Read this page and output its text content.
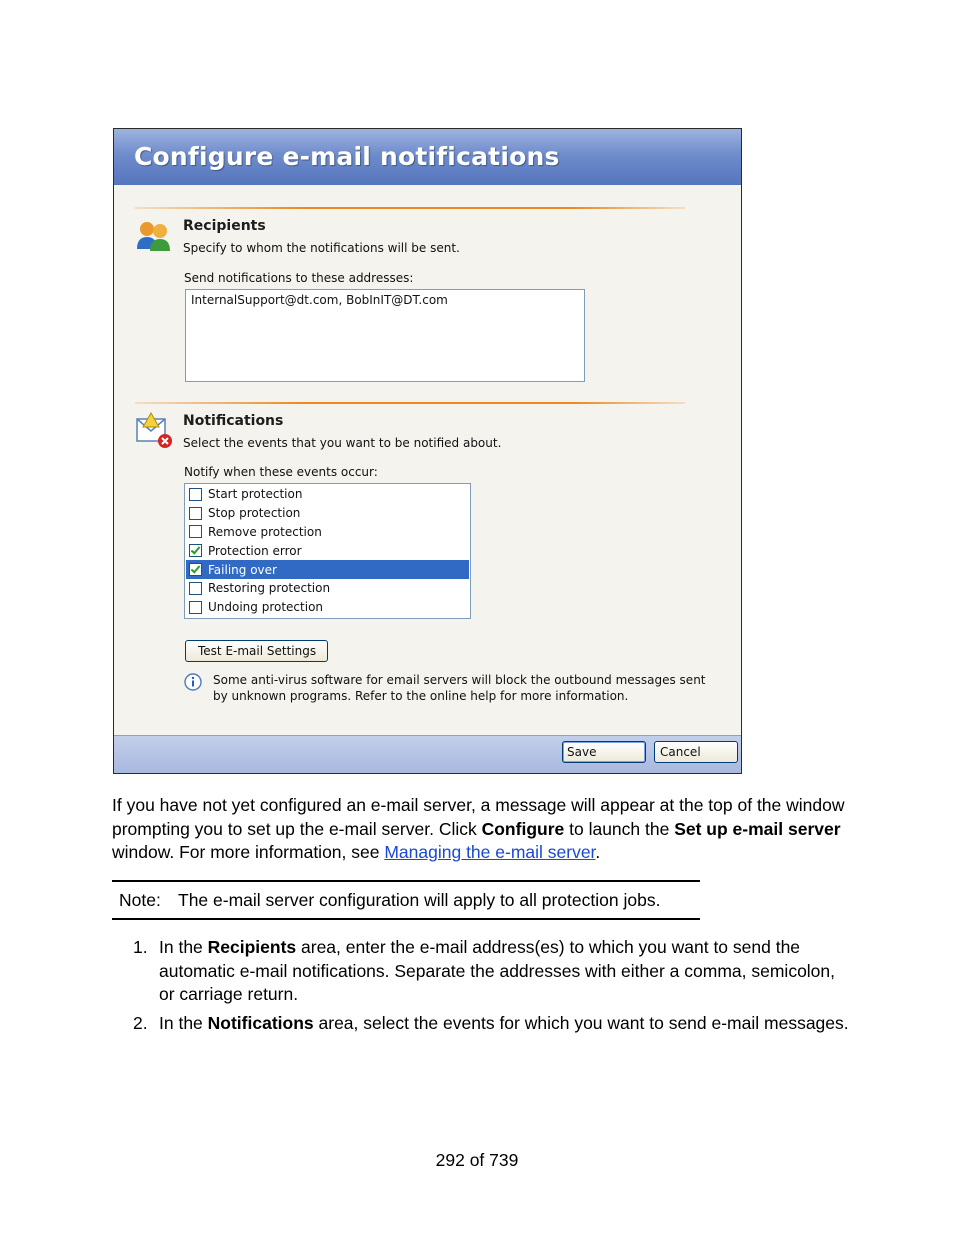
Configure e-mail notifications
Recipients
Specify to whom the notifications will be sent.
Send notifications to these addresses:
InternalSupport@dt.com, BobInIT@DT.com
Notifications
Select the events that you want to be notified about.
Notify when these events occur:
Start protection
Stop protection
Remove protection
Protection error
Failing over
Restoring protection
Undoing protection
Test E-mail Settings
Some anti-virus software for email servers will block the outbound messages sent
by unknown programs. Refer to the online help for more information.
Save	Cancel
If you have not yet configured an e-mail server, a message will appear at the top of the window prompting you to set up the e-mail server. Click Configure to launch the Set up e-mail server window. For more information, see Managing the e-mail server.
Note: The e-mail server configuration will apply to all protection jobs.
1. In the Recipients area, enter the e-mail address(es) to which you want to send the automatic e-mail notifications. Separate the addresses with either a comma, semicolon, or carriage return.
2. In the Notifications area, select the events for which you want to send e-mail messages.
292 of 739
